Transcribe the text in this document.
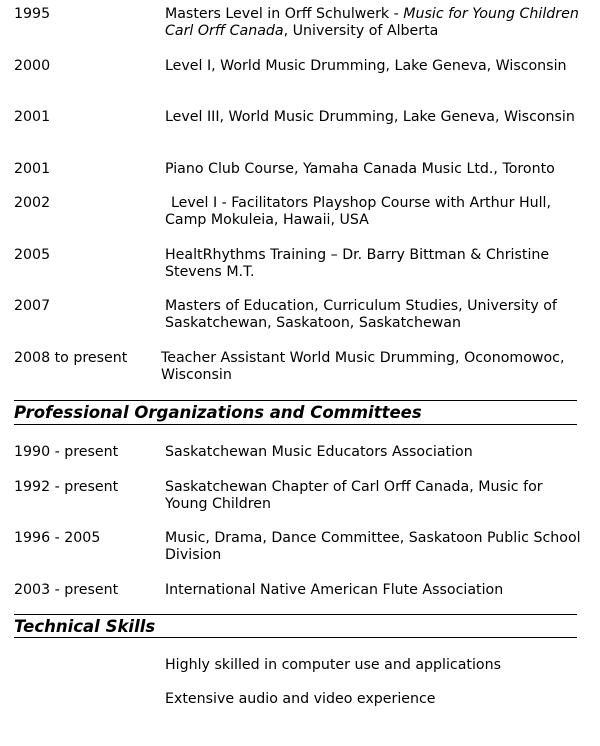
1995	Masters Level in Orff Schulwerk - Music for Young Children Carl Orff Canada, University of Alberta
2000	Level I, World Music Drumming, Lake Geneva, Wisconsin
2001	Level III, World Music Drumming, Lake Geneva, Wisconsin
2001	Piano Club Course, Yamaha Canada Music Ltd., Toronto
2002	Level I - Facilitators Playshop Course with Arthur Hull, Camp Mokuleia, Hawaii, USA
2005	HealtRhythms Training – Dr. Barry Bittman & Christine Stevens M.T.
2007	Masters of Education, Curriculum Studies, University of Saskatchewan, Saskatoon, Saskatchewan
2008 to present Teacher Assistant World Music Drumming, Oconomowoc, Wisconsin
Professional Organizations and Committees
1990 - present	Saskatchewan Music Educators Association
1992 - present	Saskatchewan Chapter of Carl Orff Canada, Music for Young Children
1996 - 2005	Music, Drama, Dance Committee, Saskatoon Public School Division
2003 - present	International Native American Flute Association
Technical Skills
Highly skilled in computer use and applications
Extensive audio and video experience
